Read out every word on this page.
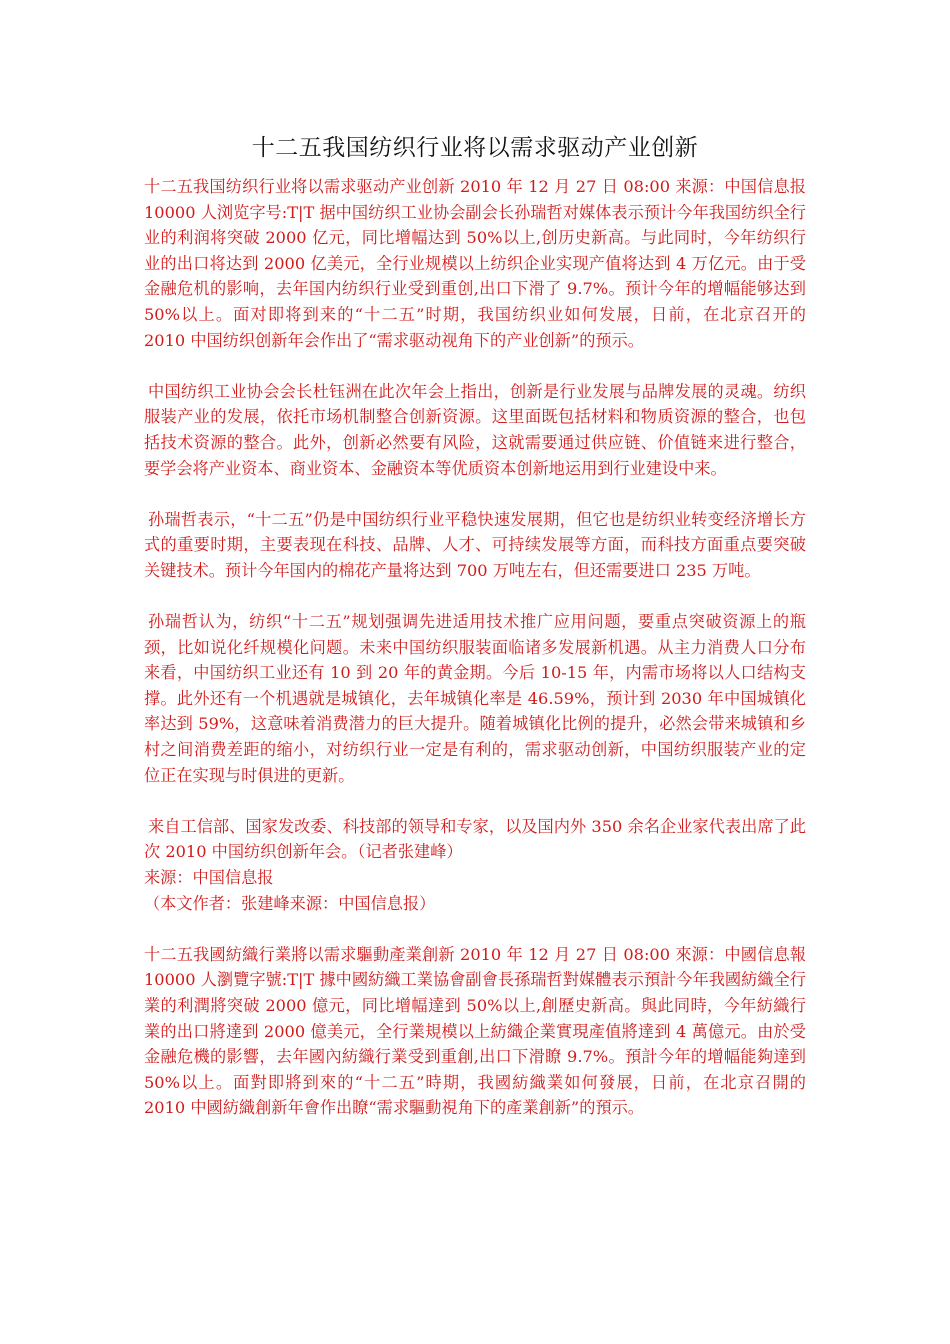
十二五我国纺织行业将以需求驱动产业创新

十二五我国纺织行业将以需求驱动产业创新 2010 年 12 月 27 日 08:00 来源：中国信息报 10000 人浏览字号:T|T 据中国纺织工业协会副会长孙瑞哲对媒体表示预计今年我国纺织全行业的利润将突破 2000 亿元，同比增幅达到 50%以上,创历史新高。与此同时，今年纺织行业的出口将达到 2000 亿美元，全行业规模以上纺织企业实现产值将达到 4 万亿元。由于受金融危机的影响，去年国内纺织行业受到重创,出口下滑了 9.7%。预计今年的增幅能够达到 50%以上。面对即将到来的“十二五”时期，我国纺织业如何发展，日前，在北京召开的 2010 中国纺织创新年会作出了“需求驱动视角下的产业创新”的预示。

中国纺织工业协会会长杜钰洲在此次年会上指出，创新是行业发展与品牌发展的灵魂。纺织服装产业的发展，依托市场机制整合创新资源。这里面既包括材料和物质资源的整合，也包括技术资源的整合。此外，创新必然要有风险，这就需要通过供应链、价值链来进行整合，要学会将产业资本、商业资本、金融资本等优质资本创新地运用到行业建设中来。

孙瑞哲表示，“十二五”仍是中国纺织行业平稳快速发展期，但它也是纺织业转变经济增长方式的重要时期，主要表现在科技、品牌、人才、可持续发展等方面，而科技方面重点要突破关键技术。预计今年国内的棉花产量将达到 700 万吨左右，但还需要进口 235 万吨。

孙瑞哲认为，纺织“十二五”规划强调先进适用技术推广应用问题，要重点突破资源上的瓶颈，比如说化纤规模化问题。未来中国纺织服装面临诸多发展新机遇。从主力消费人口分布来看，中国纺织工业还有 10 到 20 年的黄金期。今后 10-15 年，内需市场将以人口结构支撑。此外还有一个机遇就是城镇化，去年城镇化率是 46.59%，预计到 2030 年中国城镇化率达到 59%，这意味着消费潜力的巨大提升。随着城镇化比例的提升，必然会带来城镇和乡村之间消费差距的缩小，对纺织行业一定是有利的，需求驱动创新，中国纺织服装产业的定位正在实现与时俱进的更新。

来自工信部、国家发改委、科技部的领导和专家，以及国内外 350 余名企业家代表出席了此次 2010 中国纺织创新年会。（记者张建峰）

来源：中国信息报

（本文作者：张建峰来源：中国信息报）

十二五我國紡織行業將以需求驅動產業創新 2010 年 12 月 27 日 08:00 來源：中國信息報 10000 人瀏覽字號:T|T 據中國紡織工業協會副會長孫瑞哲對媒體表示預計今年我國紡織全行業的利潤將突破 2000 億元，同比增幅達到 50%以上,創歷史新高。與此同時，今年紡織行業的出口將達到 2000 億美元，全行業規模以上紡織企業實現產值將達到 4 萬億元。由於受金融危機的影響，去年國內紡織行業受到重創,出口下滑瞭 9.7%。預計今年的增幅能夠達到 50%以上。面對即將到來的“十二五”時期，我國紡織業如何發展，日前，在北京召開的 2010 中國紡織創新年會作出瞭“需求驅動視角下的產業創新”的預示。
